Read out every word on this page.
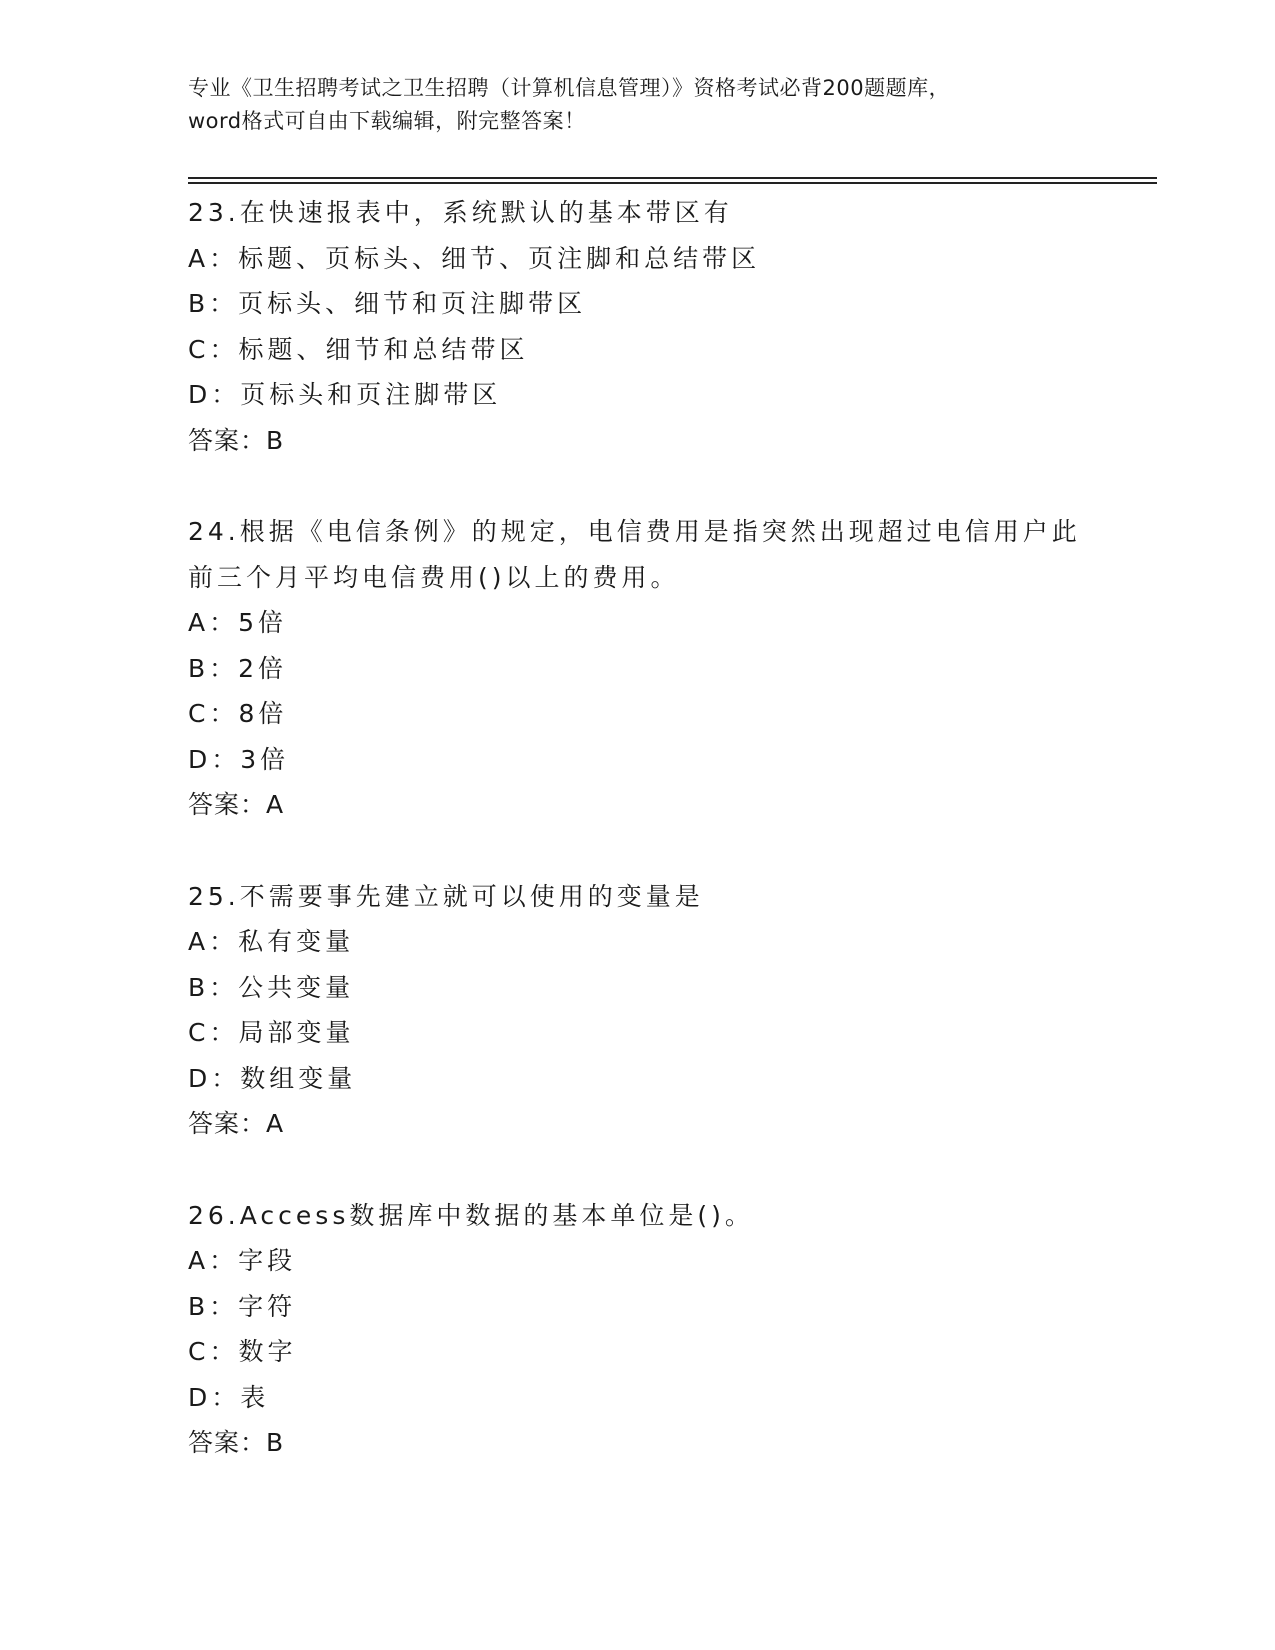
专业《卫生招聘考试之卫生招聘（计算机信息管理）》资格考试必背200题题库，
word格式可自由下载编辑，附完整答案！
23.在快速报表中，系统默认的基本带区有
A：标题、页标头、细节、页注脚和总结带区
B：页标头、细节和页注脚带区
C：标题、细节和总结带区
D：页标头和页注脚带区
答案：B
24.根据《电信条例》的规定，电信费用是指突然出现超过电信用户此
前三个月平均电信费用()以上的费用。
A：5倍
B：2倍
C：8倍
D：3倍
答案：A
25.不需要事先建立就可以使用的变量是
A：私有变量
B：公共变量
C：局部变量
D：数组变量
答案：A
26.Access数据库中数据的基本单位是()。
A：字段
B：字符
C：数字
D：表
答案：B
